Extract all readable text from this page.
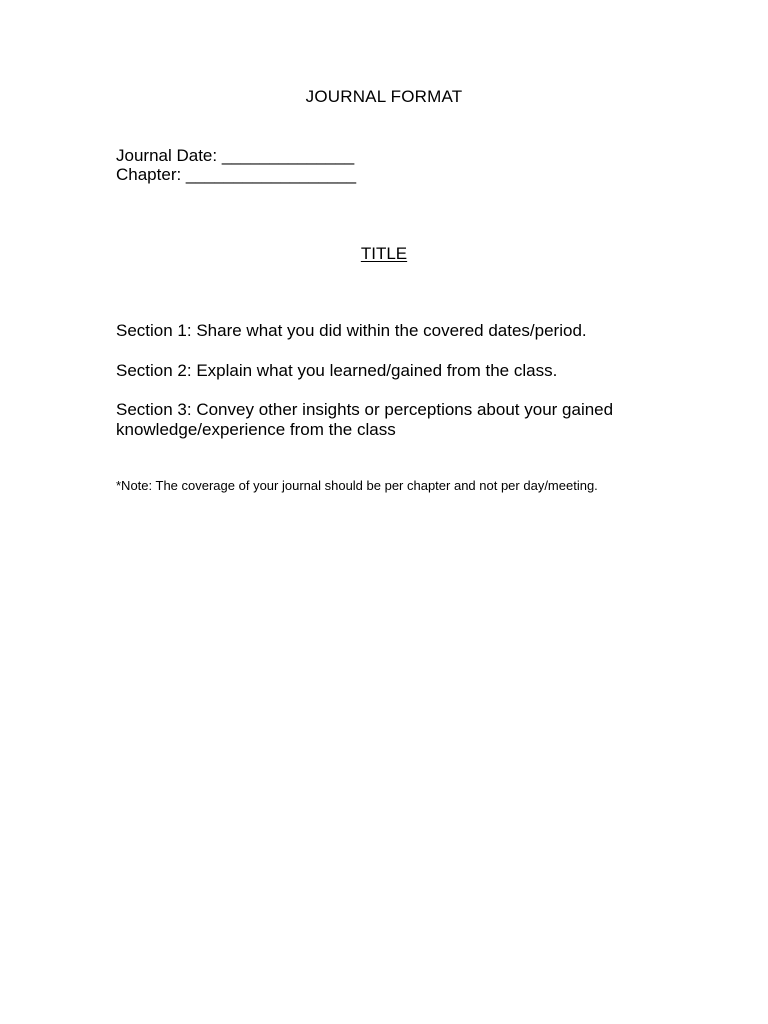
JOURNAL FORMAT
Journal Date: ______________
Chapter: __________________
TITLE
Section 1: Share what you did within the covered dates/period.
Section 2: Explain what you learned/gained from the class.
Section 3: Convey other insights or perceptions about your gained knowledge/experience from the class
*Note: The coverage of your journal should be per chapter and not per day/meeting.
